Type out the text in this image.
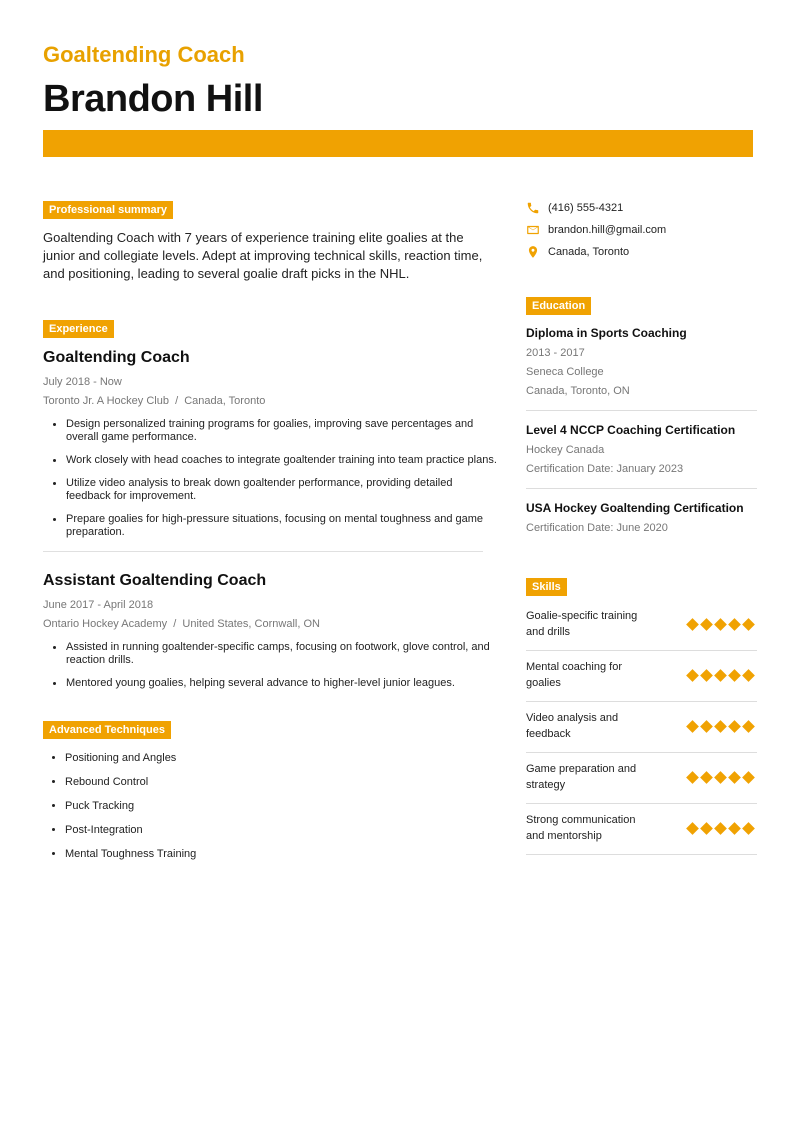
Goaltending Coach
Brandon Hill
Professional summary

Goaltending Coach with 7 years of experience training elite goalies at the junior and collegiate levels. Adept at improving technical skills, reaction time, and positioning, leading to several goalie draft picks in the NHL.

Experience
Goaltending Coach
July 2018 - Now
Toronto Jr. A Hockey Club  /  Canada, Toronto
• Design personalized training programs for goalies, improving save percentages and overall game performance.
• Work closely with head coaches to integrate goaltender training into team practice plans.
• Utilize video analysis to break down goaltender performance, providing detailed feedback for improvement.
• Prepare goalies for high-pressure situations, focusing on mental toughness and game preparation.
Assistant Goaltending Coach
June 2017 - April 2018
Ontario Hockey Academy  /  United States, Cornwall, ON
• Assisted in running goaltender-specific camps, focusing on footwork, glove control, and reaction drills.
• Mentored young goalies, helping several advance to higher-level junior leagues.
Advanced Techniques
• Positioning and Angles
• Rebound Control
• Puck Tracking
• Post-Integration
• Mental Toughness Training
(416) 555-4321
brandon.hill@gmail.com
Canada, Toronto
Education
Diploma in Sports Coaching
2013 - 2017
Seneca College
Canada, Toronto, ON
Level 4 NCCP Coaching Certification
Hockey Canada
Certification Date: January 2023
USA Hockey Goaltending Certification
Certification Date: June 2020
Skills
Goalie-specific training and drills
Mental coaching for goalies
Video analysis and feedback
Game preparation and strategy
Strong communication and mentorship
